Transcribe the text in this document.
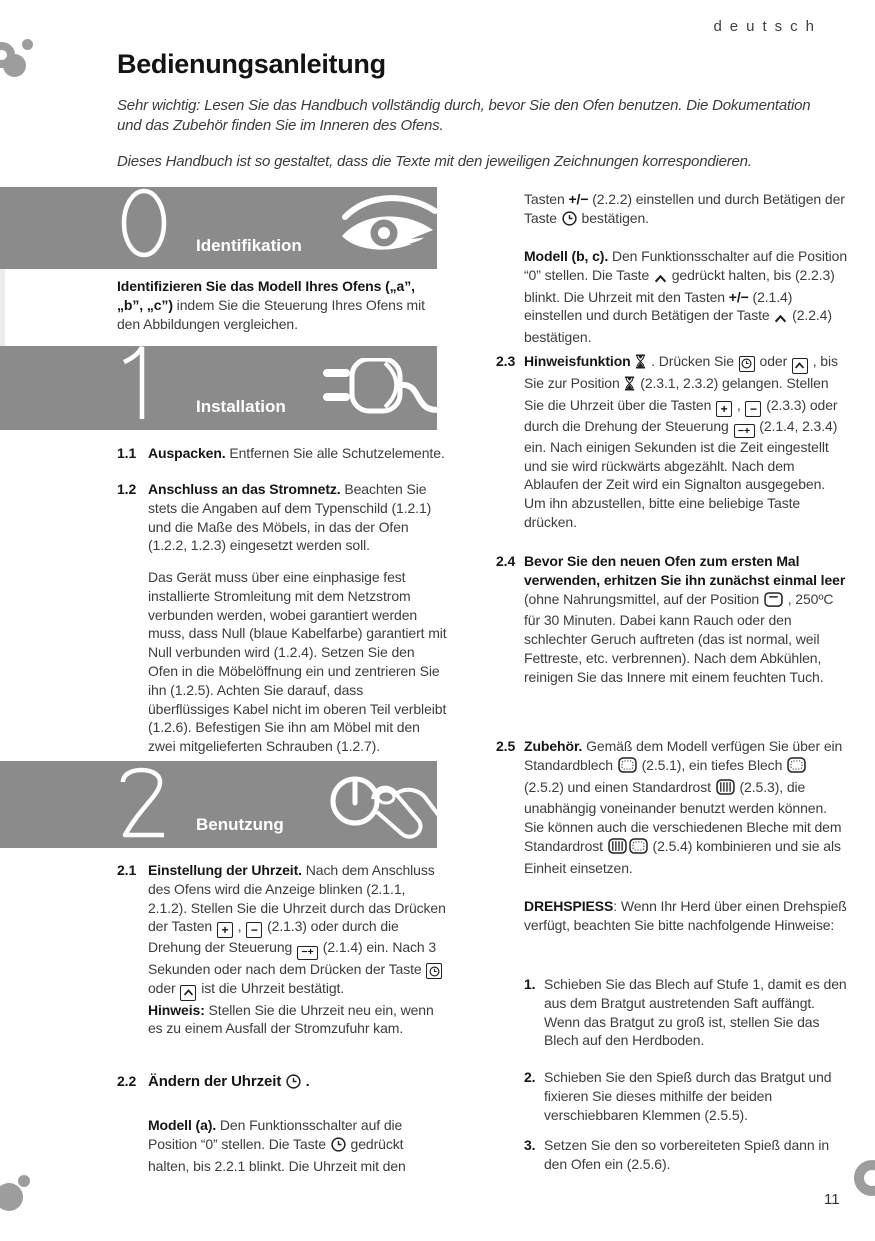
deutsch
Bedienungsanleitung

Sehr wichtig: Lesen Sie das Handbuch vollständig durch, bevor Sie den Ofen benutzen. Die Dokumentation und das Zubehör finden Sie im Inneren des Ofens.

Dieses Handbuch ist so gestaltet, dass die Texte mit den jeweiligen Zeichnungen korrespondieren.

Identifikation
Identifizieren Sie das Modell Ihres Ofens („a”, „b”, „c”) indem Sie die Steuerung Ihres Ofens mit den Abbildungen vergleichen.
Installation
1.1 Auspacken. Entfernen Sie alle Schutzelemente.
1.2 Anschluss an das Stromnetz. Beachten Sie stets die Angaben auf dem Typenschild (1.2.1) und die Maße des Möbels, in das der Ofen (1.2.2, 1.2.3) eingesetzt werden soll.
Das Gerät muss über eine einphasige fest installierte Stromleitung mit dem Netzstrom verbunden werden, wobei garantiert werden muss, dass Null (blaue Kabelfarbe) garantiert mit Null verbunden wird (1.2.4). Setzen Sie den Ofen in die Möbelöffnung ein und zentrieren Sie ihn (1.2.5). Achten Sie darauf, dass überflüssiges Kabel nicht im oberen Teil verbleibt (1.2.6). Befestigen Sie ihn am Möbel mit den zwei mitgelieferten Schrauben (1.2.7).
Benutzung
2.1 Einstellung der Uhrzeit. Nach dem Anschluss des Ofens wird die Anzeige blinken (2.1.1, 2.1.2). Stellen Sie die Uhrzeit durch das Drücken der Tasten + , − (2.1.3) oder durch die Drehung der Steuerung −+ (2.1.4) ein. Nach 3 Sekunden oder nach dem Drücken der Taste
oder
ist die Uhrzeit bestätigt.
Hinweis: Stellen Sie die Uhrzeit neu ein, wenn es zu einem Ausfall der Stromzufuhr kam.
2.2 Ändern der Uhrzeit  .
Modell (a). Den Funktionsschalter auf die Position “0” stellen. Die Taste  gedrückt halten, bis 2.2.1 blinkt. Die Uhrzeit mit den
Tasten +/− (2.2.2) einstellen und durch Betätigen der Taste  bestätigen.
Modell (b, c). Den Funktionsschalter auf die Position “0” stellen. Die Taste  gedrückt halten, bis (2.2.3) blinkt. Die Uhrzeit mit den Tasten +/− (2.1.4) einstellen und durch Betätigen der Taste  (2.2.4) bestätigen.
2.3 Hinweisfunktion  . Drücken Sie
oder
, bis Sie zur Position  (2.3.1, 2.3.2) gelangen. Stellen Sie die Uhrzeit über die Tasten + , − (2.3.3) oder durch die Drehung der Steuerung −+ (2.1.4, 2.3.4) ein. Nach einigen Sekunden ist die Zeit eingestellt und sie wird rückwärts abgezählt. Nach dem Ablaufen der Zeit wird ein Signalton ausgegeben. Um ihn abzustellen, bitte eine beliebige Taste drücken.
2.4 Bevor Sie den neuen Ofen zum ersten Mal verwenden, erhitzen Sie ihn zunächst einmal leer (ohne Nahrungsmittel, auf der Position  , 250ºC für 30 Minuten. Dabei kann Rauch oder den schlechter Geruch auftreten (das ist normal, weil Fettreste, etc. verbrennen). Nach dem Abkühlen, reinigen Sie das Innere mit einem feuchten Tuch.
2.5 Zubehör. Gemäß dem Modell verfügen Sie über ein Standardblech  (2.5.1), ein tiefes Blech  (2.5.2) und einen Standardrost  (2.5.3), die unabhängig voneinander benutzt werden können. Sie können auch die verschiedenen Bleche mit dem Standardrost	(2.5.4) kombinieren und sie als Einheit einsetzen.
DREHSPIESS: Wenn Ihr Herd über einen Drehspieß verfügt, beachten Sie bitte nachfolgende Hinweise:
1. Schieben Sie das Blech auf Stufe 1, damit es den aus dem Bratgut austretenden Saft auffängt. Wenn das Bratgut zu groß ist, stellen Sie das Blech auf den Herdboden.
2. Schieben Sie den Spieß durch das Bratgut und fixieren Sie dieses mithilfe der beiden verschiebbaren Klemmen (2.5.5).
3. Setzen Sie den so vorbereiteten Spieß dann in den Ofen ein (2.5.6).
11
